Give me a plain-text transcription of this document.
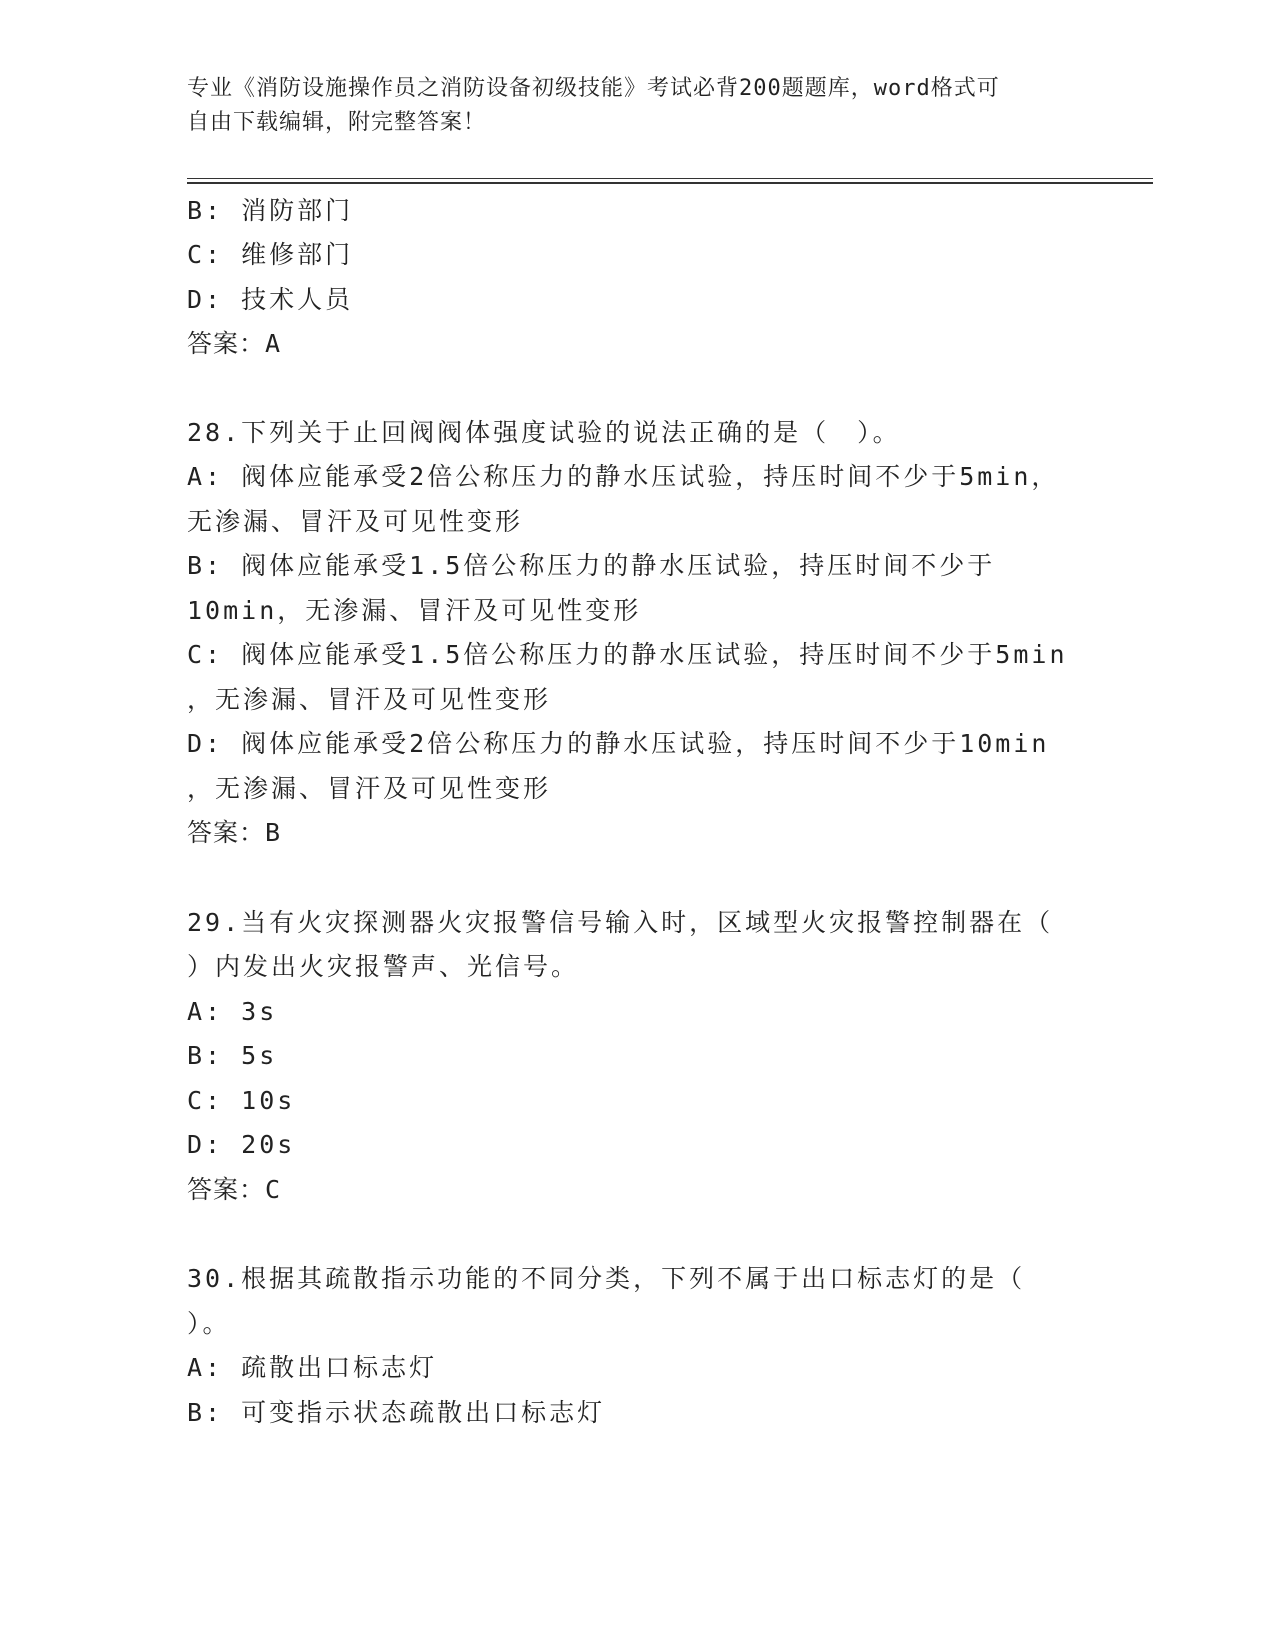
专业《消防设施操作员之消防设备初级技能》考试必背200题题库，word格式可
自由下载编辑，附完整答案！
B: 消防部门
C: 维修部门
D: 技术人员
答案：A
28.下列关于止回阀阀体强度试验的说法正确的是（　）。
A: 阀体应能承受2倍公称压力的静水压试验，持压时间不少于5min，
无渗漏、冒汗及可见性变形
B: 阀体应能承受1.5倍公称压力的静水压试验，持压时间不少于
10min，无渗漏、冒汗及可见性变形
C: 阀体应能承受1.5倍公称压力的静水压试验，持压时间不少于5min
，无渗漏、冒汗及可见性变形
D: 阀体应能承受2倍公称压力的静水压试验，持压时间不少于10min
，无渗漏、冒汗及可见性变形
答案：B
29.当有火灾探测器火灾报警信号输入时，区域型火灾报警控制器在（
）内发出火灾报警声、光信号。
A: 3s
B: 5s
C: 10s
D: 20s
答案：C
30.根据其疏散指示功能的不同分类，下列不属于出口标志灯的是（
）。
A: 疏散出口标志灯
B: 可变指示状态疏散出口标志灯
